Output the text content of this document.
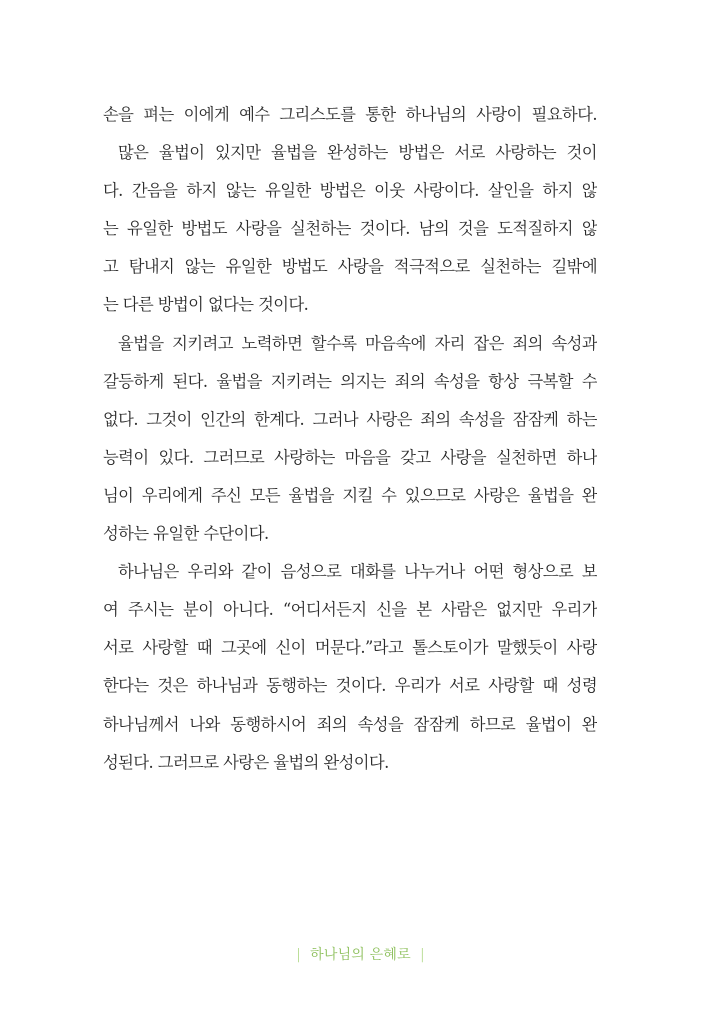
손을 펴는 이에게 예수 그리스도를 통한 하나님의 사랑이 필요하다.
많은 율법이 있지만 율법을 완성하는 방법은 서로 사랑하는 것이
다. 간음을 하지 않는 유일한 방법은 이웃 사랑이다. 살인을 하지 않
는 유일한 방법도 사랑을 실천하는 것이다. 남의 것을 도적질하지 않
고 탐내지 않는 유일한 방법도 사랑을 적극적으로 실천하는 길밖에
는 다른 방법이 없다는 것이다.
율법을 지키려고 노력하면 할수록 마음속에 자리 잡은 죄의 속성과
갈등하게 된다. 율법을 지키려는 의지는 죄의 속성을 항상 극복할 수
없다. 그것이 인간의 한계다. 그러나 사랑은 죄의 속성을 잠잠케 하는
능력이 있다. 그러므로 사랑하는 마음을 갖고 사랑을 실천하면 하나
님이 우리에게 주신 모든 율법을 지킬 수 있으므로 사랑은 율법을 완
성하는 유일한 수단이다.
하나님은 우리와 같이 음성으로 대화를 나누거나 어떤 형상으로 보
여 주시는 분이 아니다. “어디서든지 신을 본 사람은 없지만 우리가
서로 사랑할 때 그곳에 신이 머문다.”라고 톨스토이가 말했듯이 사랑
한다는 것은 하나님과 동행하는 것이다. 우리가 서로 사랑할 때 성령
하나님께서 나와 동행하시어 죄의 속성을 잠잠케 하므로 율법이 완
성된다. 그러므로 사랑은 율법의 완성이다.
| 하나님의 은혜로 |
